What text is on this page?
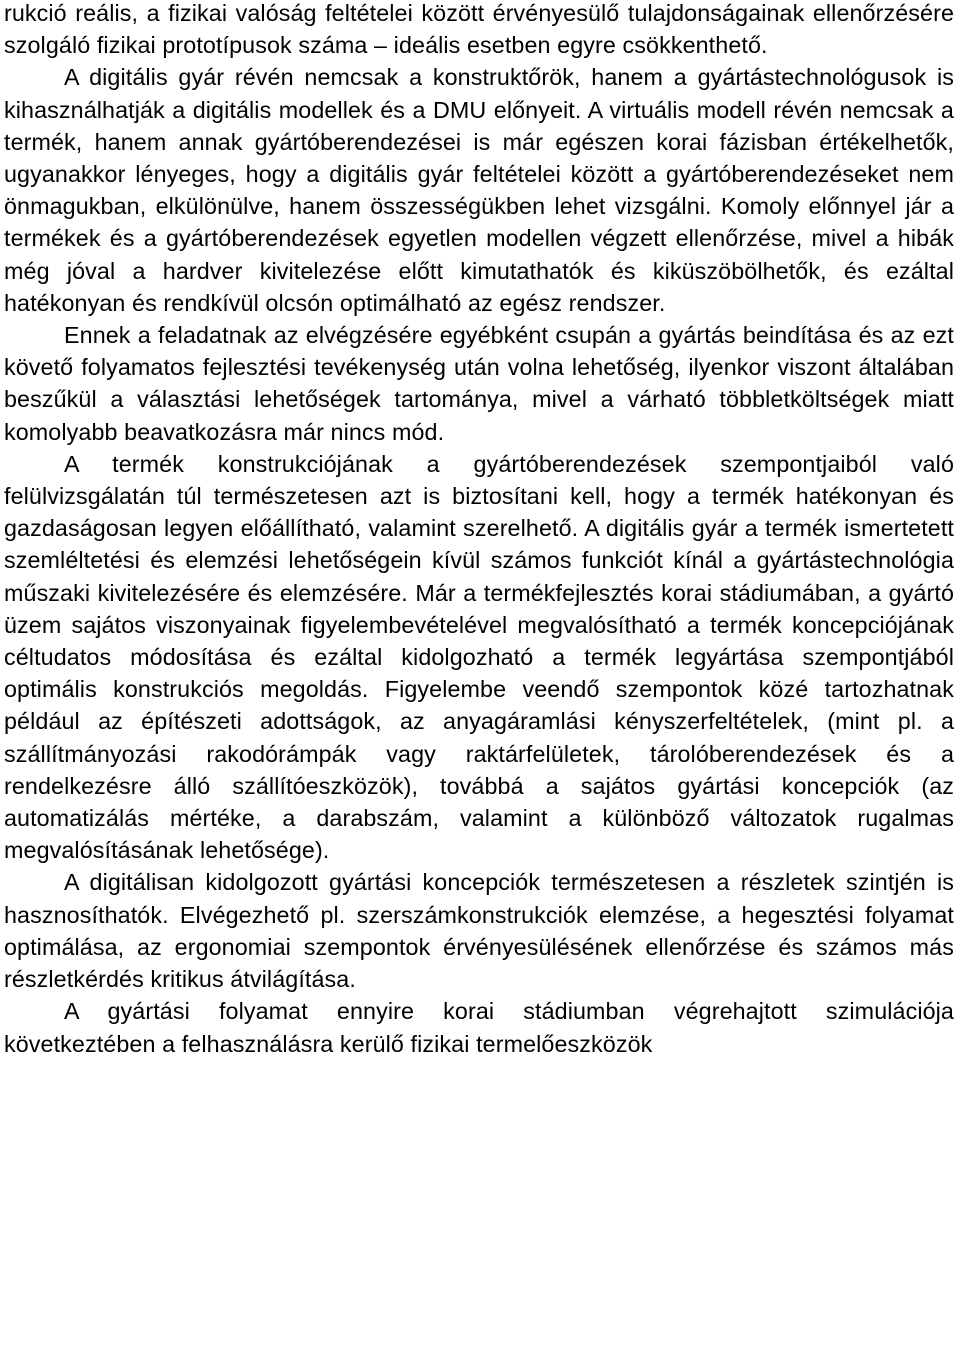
rukció reális, a fizikai valóság feltételei között érvényesülő tulajdonságainak ellenőrzésére szolgáló fizikai prototípusok száma – ideális esetben egyre csökkenthető.

A digitális gyár révén nemcsak a konstruktőrök, hanem a gyártástechnológusok is kihasználhatják a digitális modellek és a DMU előnyeit. A virtuális modell révén nemcsak a termék, hanem annak gyártóberendezései is már egészen korai fázisban értékelhetők, ugyanakkor lényeges, hogy a digitális gyár feltételei között a gyártóberendezéseket nem önmagukban, elkülönülve, hanem összességükben lehet vizsgálni. Komoly előnnyel jár a termékek és a gyártóberendezések egyetlen modellen végzett ellenőrzése, mivel a hibák még jóval a hardver kivitelezése előtt kimutathatók és kiküszöbölhetők, és ezáltal hatékonyan és rendkívül olcsón optimálható az egész rendszer.

Ennek a feladatnak az elvégzésére egyébként csupán a gyártás beindítása és az ezt követő folyamatos fejlesztési tevékenység után volna lehetőség, ilyenkor viszont általában beszűkül a választási lehetőségek tartománya, mivel a várható többletköltségek miatt komolyabb beavatkozásra már nincs mód.

A termék konstrukciójának a gyártóberendezések szempontjaiból való felülvizsgálatán túl természetesen azt is biztosítani kell, hogy a termék hatékonyan és gazdaságosan legyen előállítható, valamint szerelhető. A digitális gyár a termék ismertetett szemléltetési és elemzési lehetőségein kívül számos funkciót kínál a gyártástechnológia műszaki kivitelezésére és elemzésére. Már a termékfejlesztés korai stádiumában, a gyártó üzem sajátos viszonyainak figyelembevételével megvalósítható a termék koncepciójának céltudatos módosítása és ezáltal kidolgozható a termék legyártása szempontjából optimális konstrukciós megoldás. Figyelembe veendő szempontok közé tartozhatnak például az építészeti adottságok, az anyagáramlási kényszerfeltételek, (mint pl. a szállítmányozási rakodórámpák vagy raktárfelületek, tárolóberendezések és a rendelkezésre álló szállítóeszközök), továbbá a sajátos gyártási koncepciók (az automatizálás mértéke, a darabszám, valamint a különböző változatok rugalmas megvalósításának lehetősége).

A digitálisan kidolgozott gyártási koncepciók természetesen a részletek szintjén is hasznosíthatók. Elvégezhető pl. szerszámkonstrukciók elemzése, a hegesztési folyamat optimálása, az ergonomiai szempontok érvényesülésének ellenőrzése és számos más részletkérdés kritikus átvilágítása.

A gyártási folyamat ennyire korai stádiumban végrehajtott szimulációja következtében a felhasználásra kerülő fizikai termelőeszközök
